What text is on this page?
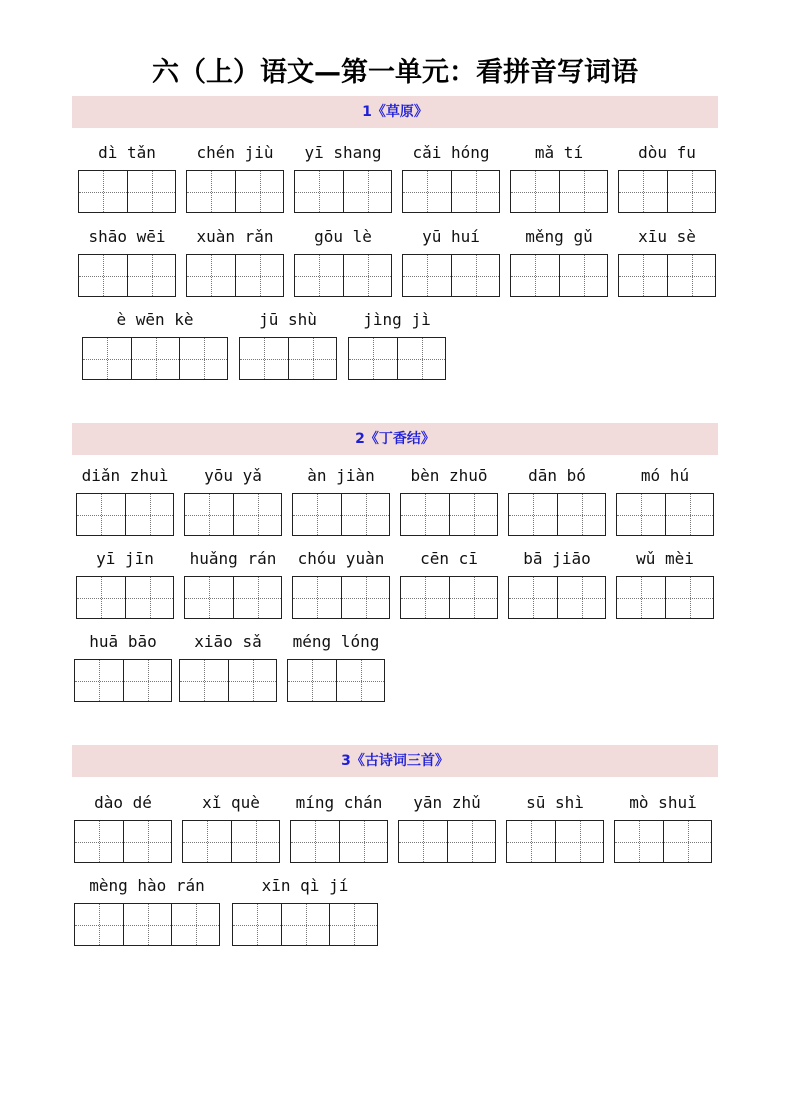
六（上）语文—第一单元：看拼音写词语
1《草原》
2《丁香结》
3《古诗词三首》
dì tǎn	chén jiù	yī shang	cǎi hóng	mǎ tí	dòu fu
shāo wēi	xuàn rǎn	gōu lè	yū huí	měng gǔ	xīu sè
è wēn kè	jū shù	jìng jì
diǎn zhuì	yōu yǎ	àn jiàn	bèn zhuō	dān bó	mó hú
yī jīn	huǎng rán	chóu yuàn	cēn cī	bā jiāo	wǔ mèi
huā bāo	xiāo sǎ	méng lóng
dào dé	xǐ què	míng chán	yān zhǔ	sū shì	mò shuǐ
mèng hào rán	xīn qì jí
